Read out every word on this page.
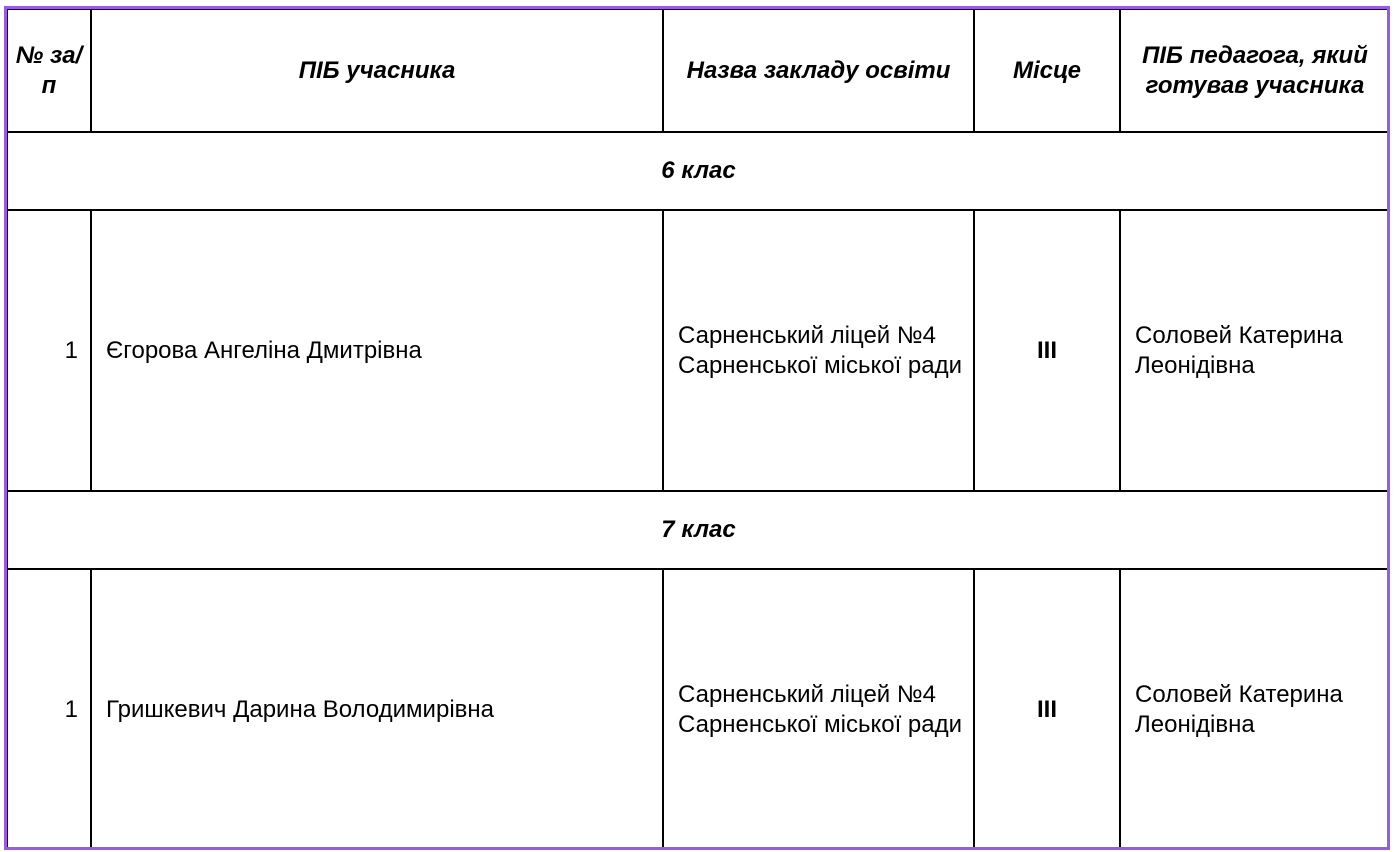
№ за/п	ПІБ учасника	Назва закладу освіти	Місце	ПІБ педагога, який готував учасника
6 клас				
1	Єгорова Ангеліна Дмитрівна	Сарненський ліцей №4 Сарненської міської ради	ІІІ	Соловей Катерина Леонідівна
7 клас				
1	Гришкевич Дарина Володимирівна	Сарненський ліцей №4 Сарненської міської ради	ІІІ	Соловей Катерина Леонідівна
